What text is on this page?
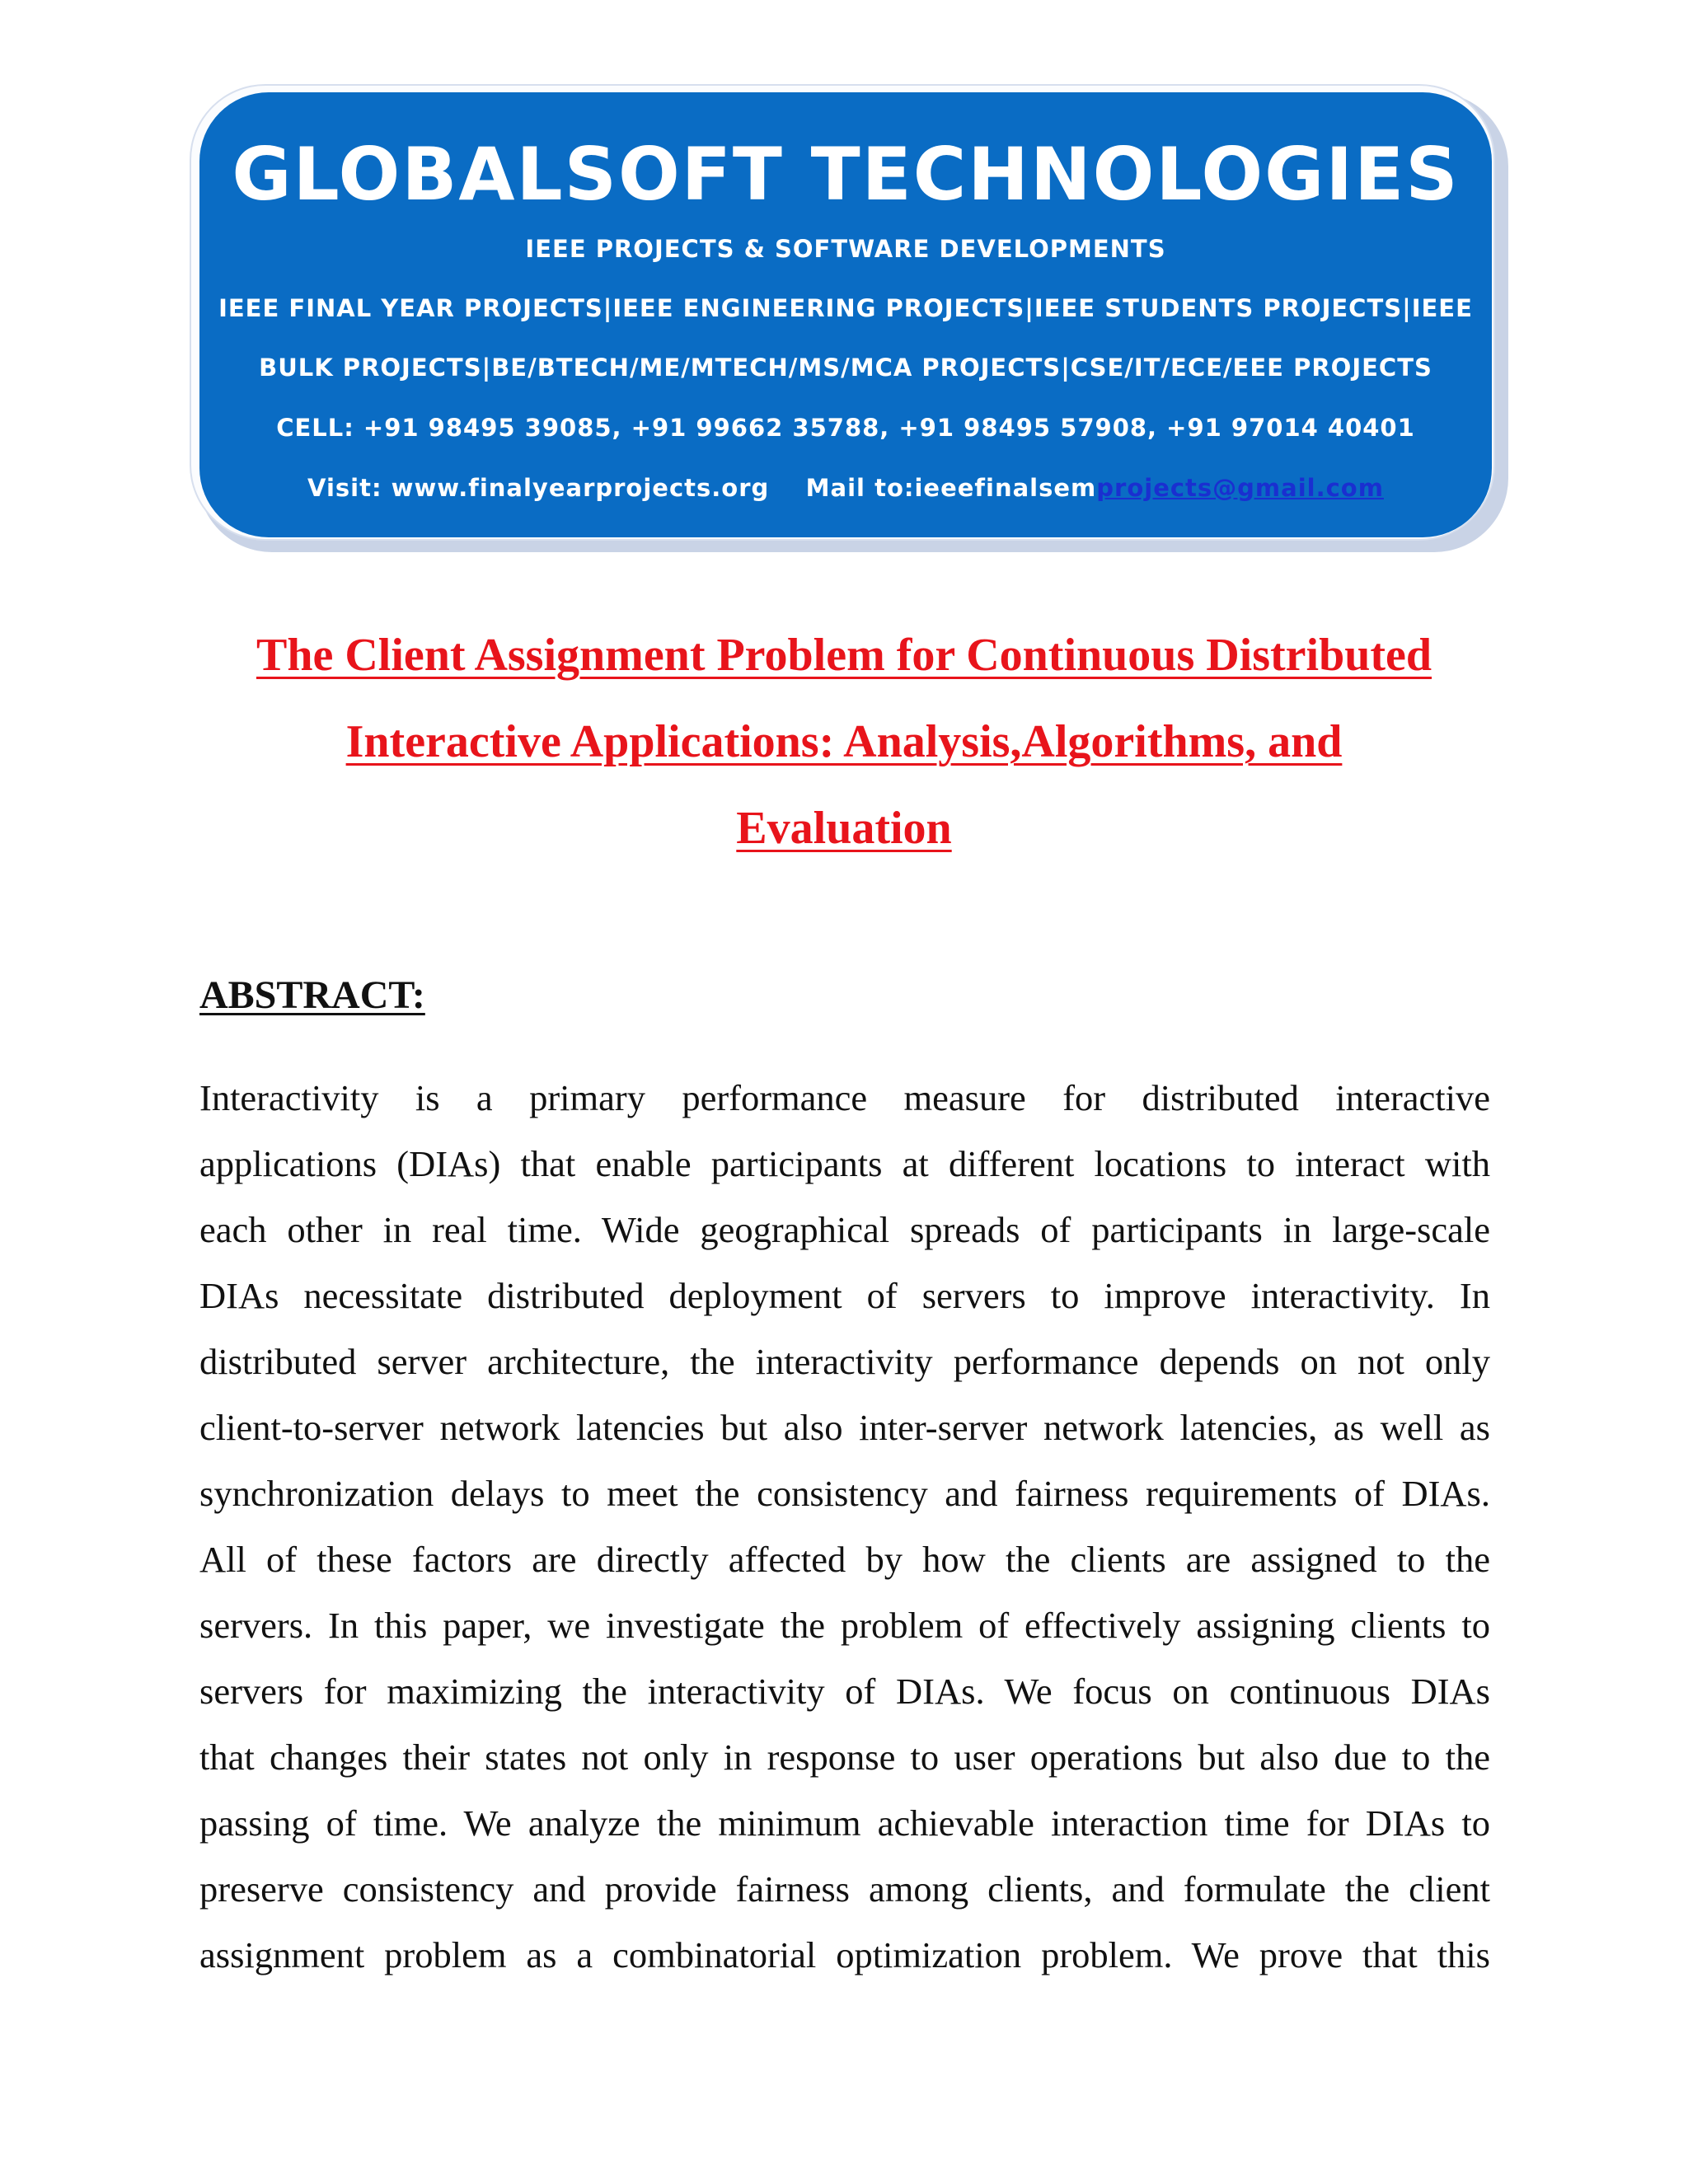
GLOBALSOFT TECHNOLOGIES
IEEE PROJECTS & SOFTWARE DEVELOPMENTS
IEEE FINAL YEAR PROJECTS|IEEE ENGINEERING PROJECTS|IEEE STUDENTS PROJECTS|IEEE
BULK PROJECTS|BE/BTECH/ME/MTECH/MS/MCA PROJECTS|CSE/IT/ECE/EEE PROJECTS
CELL: +91 98495 39085, +91 99662 35788, +91 98495 57908, +91 97014 40401
Visit: www.finalyearprojects.org Mail to:ieeefinalsemprojects@gmail.com
The Client Assignment Problem for Continuous Distributed
Interactive Applications: Analysis,Algorithms, and
Evaluation
ABSTRACT:
Interactivity is a primary performance measure for distributed interactive
applications (DIAs) that enable participants at different locations to interact with
each other in real time. Wide geographical spreads of participants in large-scale
DIAs necessitate distributed deployment of servers to improve interactivity. In
distributed server architecture, the interactivity performance depends on not only
client-to-server network latencies but also inter-server network latencies, as well as
synchronization delays to meet the consistency and fairness requirements of DIAs.
All of these factors are directly affected by how the clients are assigned to the
servers. In this paper, we investigate the problem of effectively assigning clients to
servers for maximizing the interactivity of DIAs. We focus on continuous DIAs
that changes their states not only in response to user operations but also due to the
passing of time. We analyze the minimum achievable interaction time for DIAs to
preserve consistency and provide fairness among clients, and formulate the client
assignment problem as a combinatorial optimization problem. We prove that this
